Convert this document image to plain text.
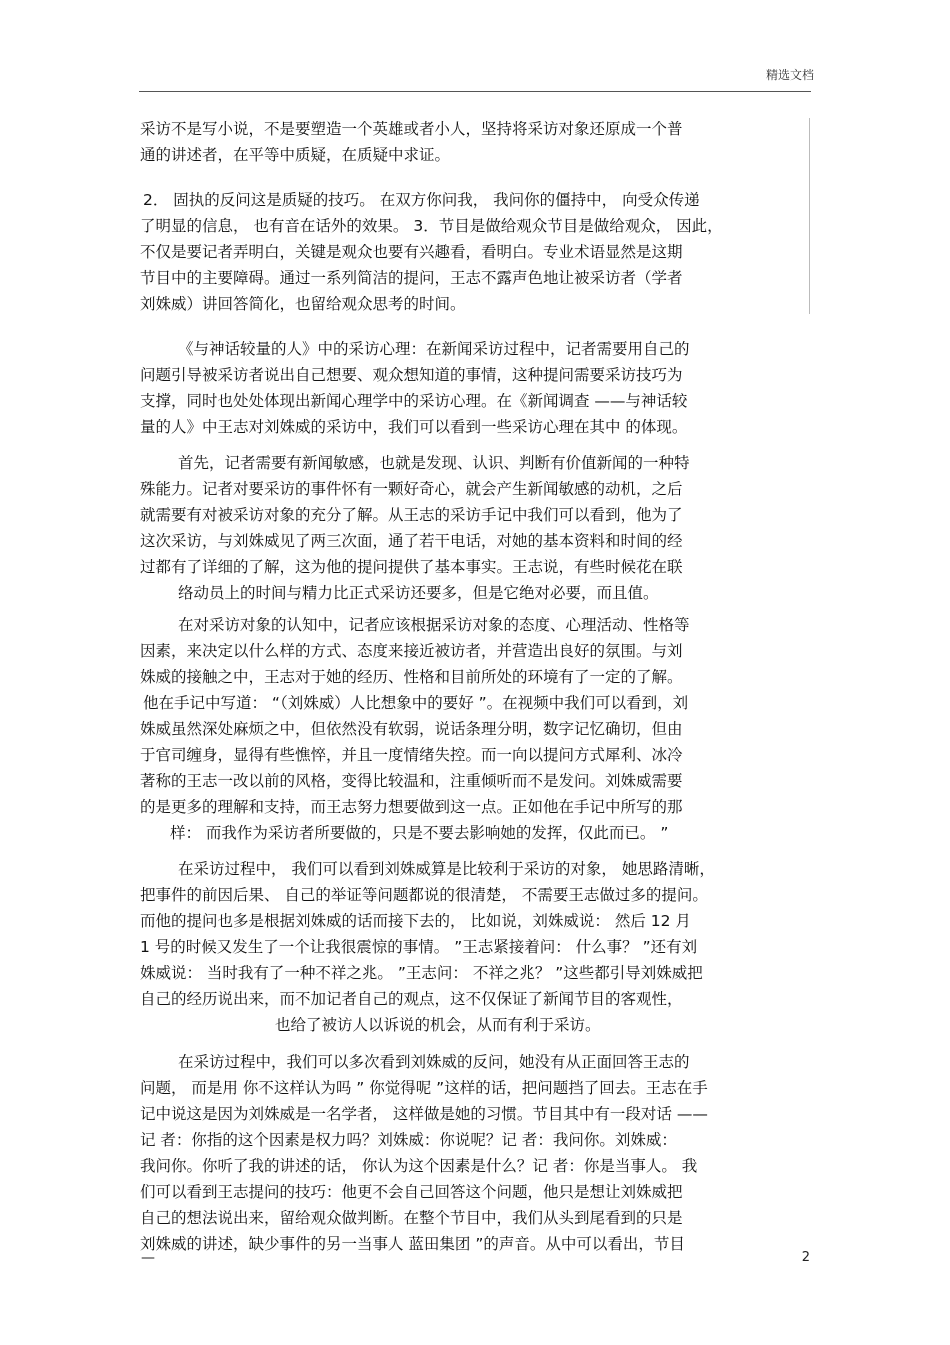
精选文档
采访不是写小说，不是要塑造一个英雄或者小人，坚持将采访对象还原成一个普
通的讲述者，在平等中质疑，在质疑中求证。
2． 固执的反问这是质疑的技巧。 在双方你问我， 我问你的僵持中， 向受众传递
了明显的信息， 也有音在话外的效果。 3．节目是做给观众节目是做给观众， 因此，
不仅是要记者弄明白，关键是观众也要有兴趣看，看明白。专业术语显然是这期
节目中的主要障碍。通过一系列简洁的提问，王志不露声色地让被采访者（学者
刘姝威）讲回答简化，也留给观众思考的时间。
《与神话较量的人》中的采访心理：在新闻采访过程中，记者需要用自己的
问题引导被采访者说出自己想要、观众想知道的事情，这种提问需要采访技巧为
支撑，同时也处处体现出新闻心理学中的采访心理。在《新闻调查 ——与神话较
量的人》中王志对刘姝威的采访中，我们可以看到一些采访心理在其中 的体现。
首先，记者需要有新闻敏感，也就是发现、认识、判断有价值新闻的一种特
殊能力。记者对要采访的事件怀有一颗好奇心，就会产生新闻敏感的动机，之后
就需要有对被采访对象的充分了解。从王志的采访手记中我们可以看到，他为了
这次采访，与刘姝威见了两三次面，通了若干电话，对她的基本资料和时间的经
过都有了详细的了解，这为他的提问提供了基本事实。王志说，有些时候花在联
络动员上的时间与精力比正式采访还要多，但是它绝对必要，而且值。
在对采访对象的认知中，记者应该根据采访对象的态度、心理活动、性格等
因素，来决定以什么样的方式、态度来接近被访者，并营造出良好的氛围。与刘
姝威的接触之中，王志对于她的经历、性格和目前所处的环境有了一定的了解。
他在手记中写道： “（刘姝威）人比想象中的要好 ”。在视频中我们可以看到，刘
姝威虽然深处麻烦之中，但依然没有软弱，说话条理分明，数字记忆确切，但由
于官司缠身，显得有些憔悴，并且一度情绪失控。而一向以提问方式犀利、冰冷
著称的王志一改以前的风格，变得比较温和，注重倾听而不是发问。刘姝威需要
的是更多的理解和支持，而王志努力想要做到这一点。正如他在手记中所写的那
样： 而我作为采访者所要做的，只是不要去影响她的发挥，仅此而已。 ”
在采访过程中， 我们可以看到刘姝威算是比较利于采访的对象， 她思路清晰，
把事件的前因后果、 自己的举证等问题都说的很清楚， 不需要王志做过多的提问。
而他的提问也多是根据刘姝威的话而接下去的， 比如说，刘姝威说： 然后 12 月
1 号的时候又发生了一个让我很震惊的事情。 ”王志紧接着问： 什么事？ ”还有刘
姝威说： 当时我有了一种不祥之兆。 ”王志问： 不祥之兆？ ”这些都引导刘姝威把
自己的经历说出来，而不加记者自己的观点，这不仅保证了新闻节目的客观性，
也给了被访人以诉说的机会，从而有利于采访。
在采访过程中，我们可以多次看到刘姝威的反问，她没有从正面回答王志的
问题， 而是用 你不这样认为吗 ” 你觉得呢 ”这样的话，把问题挡了回去。王志在手
记中说这是因为刘姝威是一名学者， 这样做是她的习惯。节目其中有一段对话 ——
记 者：你指的这个因素是权力吗？刘姝威：你说呢？记 者：我问你。刘姝威：
我问你。你听了我的讲述的话， 你认为这个因素是什么？记 者：你是当事人。 我
们可以看到王志提问的技巧：他更不会自己回答这个问题，他只是想让刘姝威把
自己的想法说出来，留给观众做判断。在整个节目中，我们从头到尾看到的只是
刘姝威的讲述，缺少事件的另一当事人 蓝田集团 ”的声音。从中可以看出，节目
—	2
